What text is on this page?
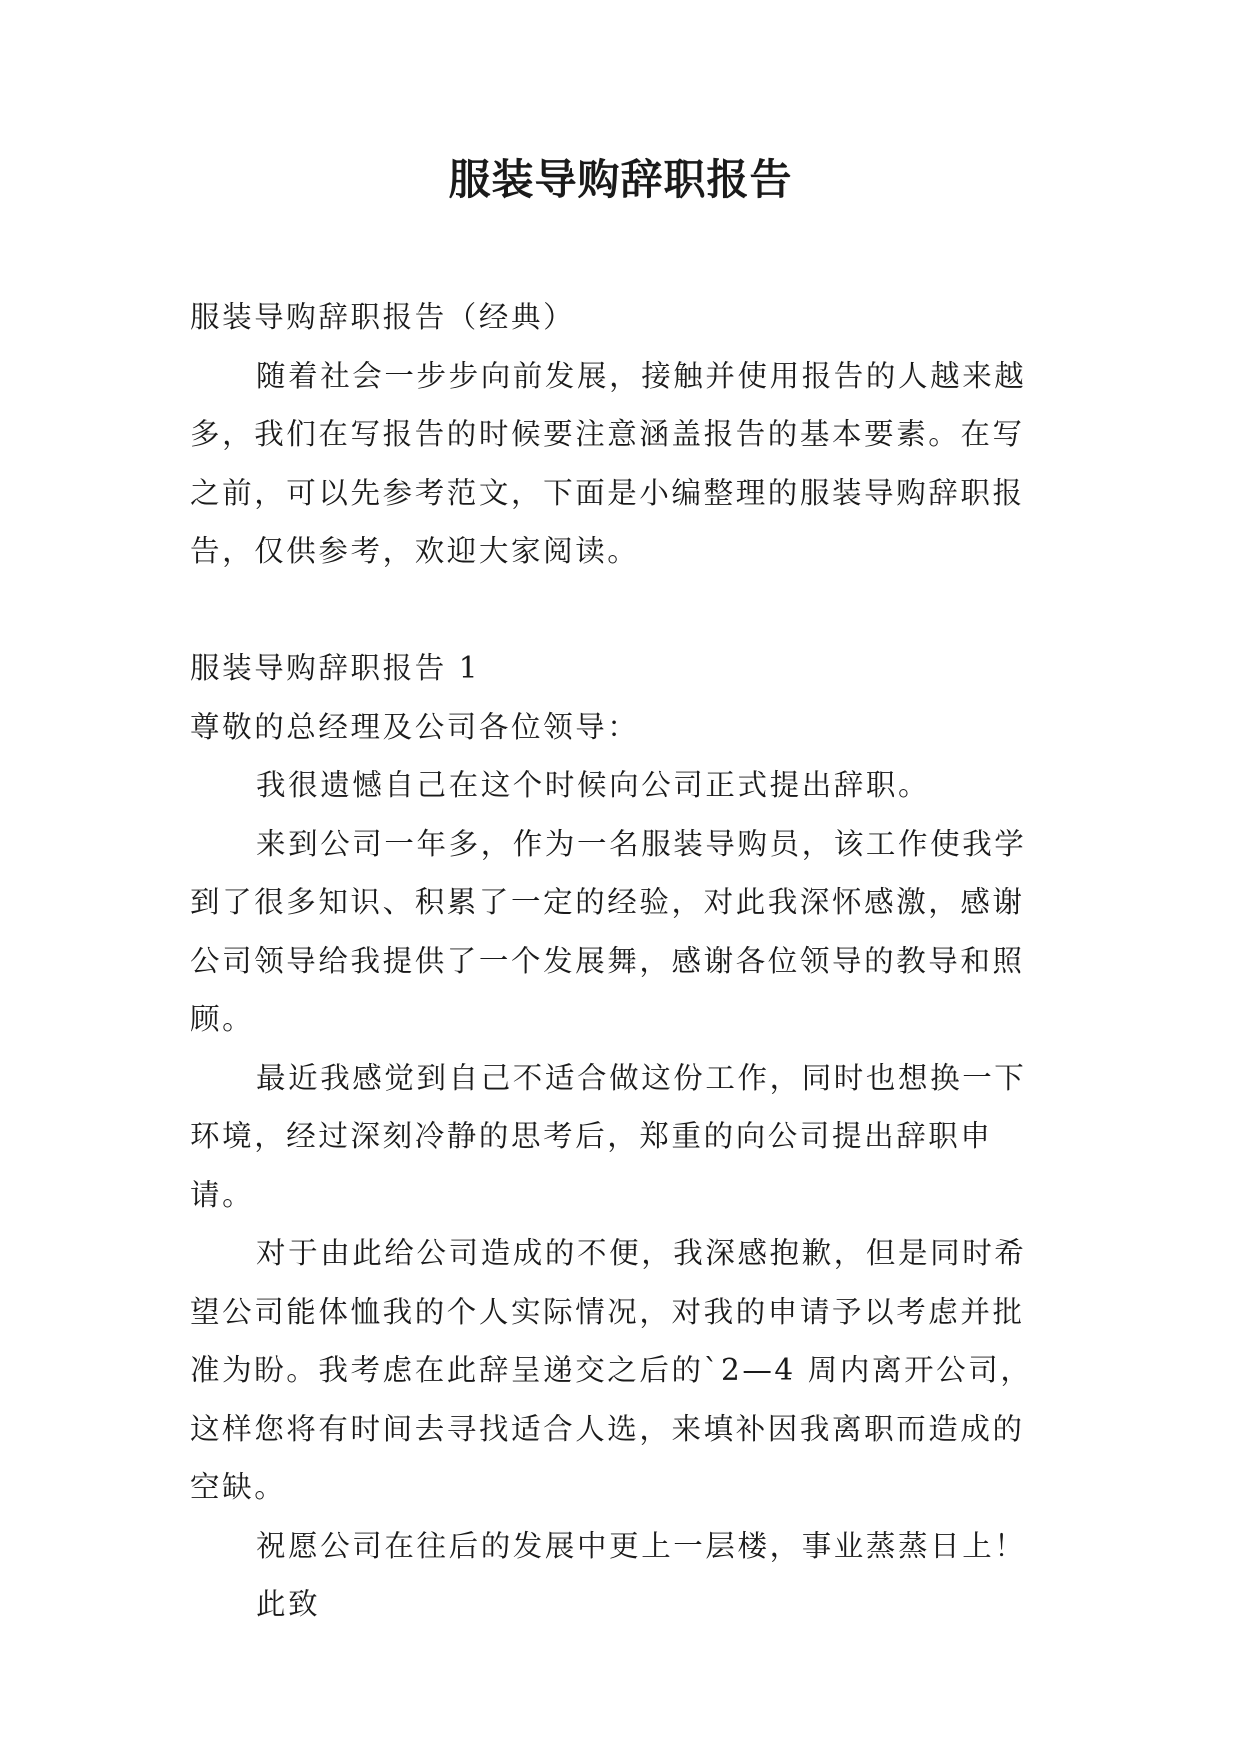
服装导购辞职报告

服装导购辞职报告（经典）

随着社会一步步向前发展，接触并使用报告的人越来越多，我们在写报告的时候要注意涵盖报告的基本要素。在写之前，可以先参考范文，下面是小编整理的服装导购辞职报告，仅供参考，欢迎大家阅读。

服装导购辞职报告 1

尊敬的总经理及公司各位领导：

我很遗憾自己在这个时候向公司正式提出辞职。

来到公司一年多，作为一名服装导购员，该工作使我学到了很多知识、积累了一定的经验，对此我深怀感激，感谢公司领导给我提供了一个发展舞，感谢各位领导的教导和照顾。

最近我感觉到自己不适合做这份工作，同时也想换一下环境，经过深刻冷静的思考后，郑重的向公司提出辞职申请。

对于由此给公司造成的不便，我深感抱歉，但是同时希望公司能体恤我的个人实际情况，对我的申请予以考虑并批准为盼。我考虑在此辞呈递交之后的`2—4 周内离开公司，这样您将有时间去寻找适合人选，来填补因我离职而造成的空缺。

祝愿公司在往后的发展中更上一层楼，事业蒸蒸日上！

此致
